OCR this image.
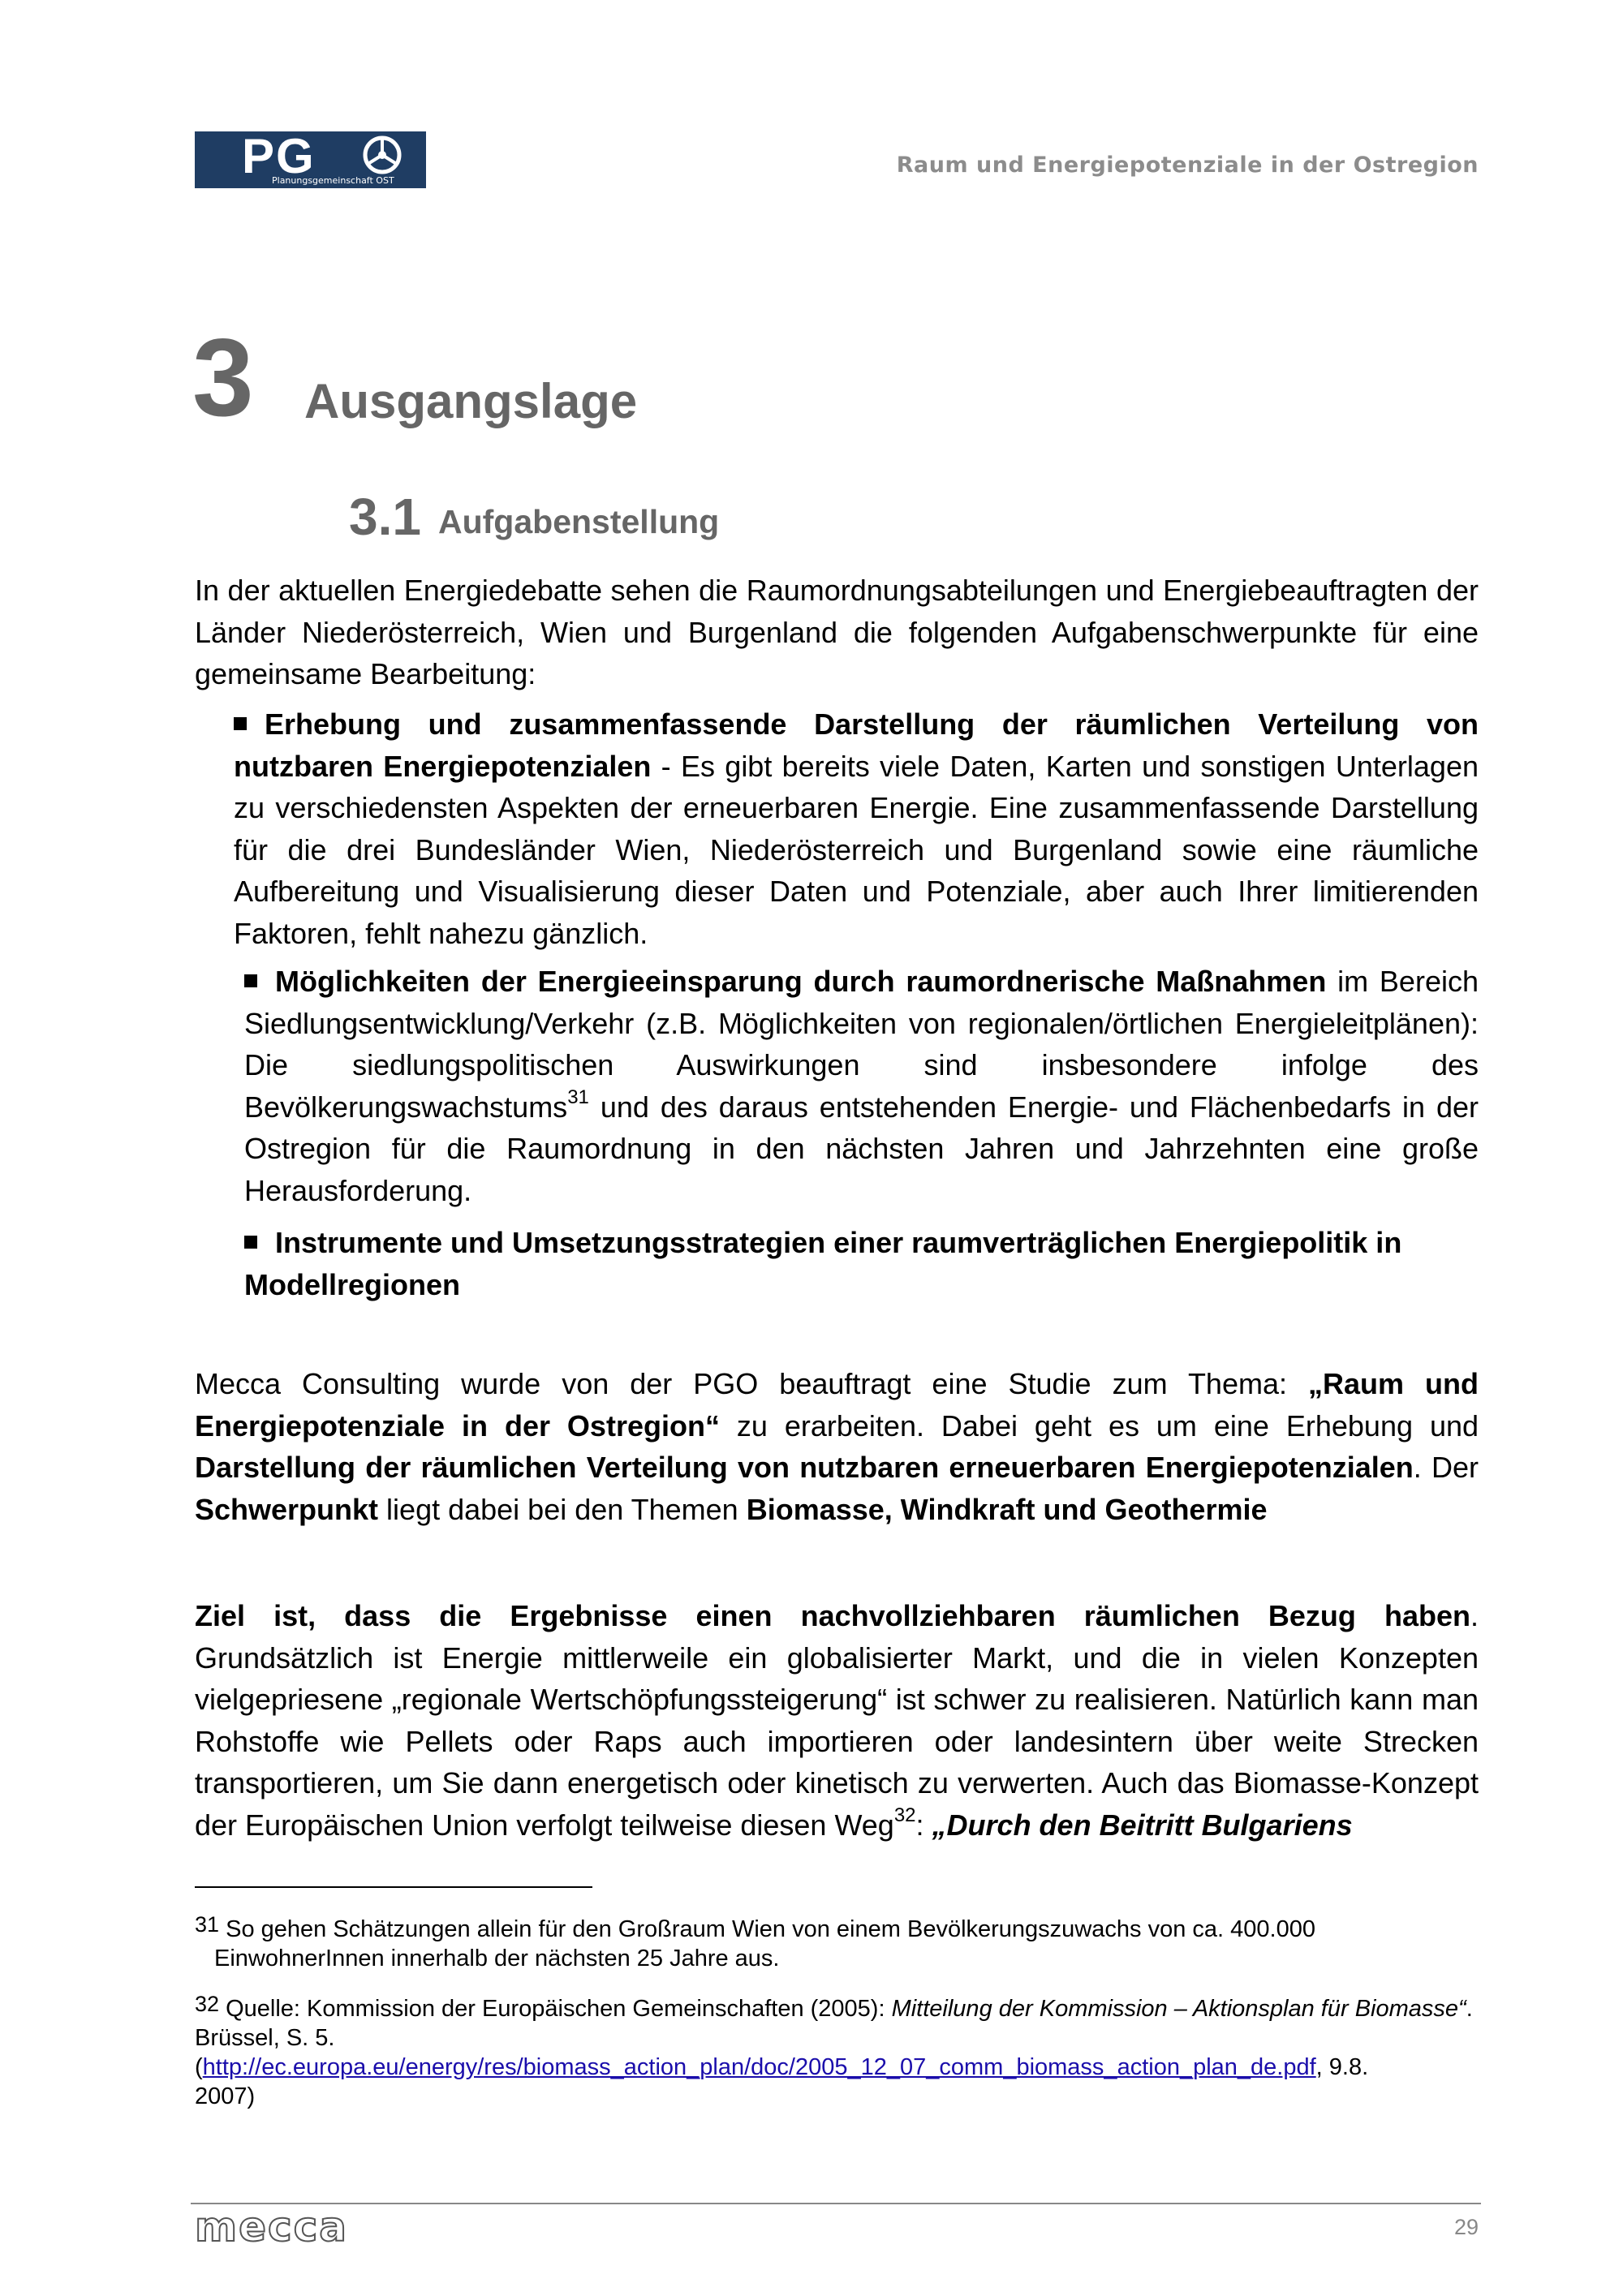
PG
Planungsgemeinschaft OST
Raum und Energiepotenziale in der Ostregion
3 Ausgangslage
3.1 Aufgabenstellung
In der aktuellen Energiedebatte sehen die Raumordnungsabteilungen und Energiebeauftragten der Länder Niederösterreich, Wien und Burgenland die folgenden Aufgabenschwerpunkte für eine gemeinsame Bearbeitung:
Erhebung und zusammenfassende Darstellung der räumlichen Verteilung von nutzbaren Energiepotenzialen - Es gibt bereits viele Daten, Karten und sonstigen Unterlagen zu verschiedensten Aspekten der erneuerbaren Energie. Eine zusammenfassende Darstellung für die drei Bundesländer Wien, Niederösterreich und Burgenland sowie eine räumliche Aufbereitung und Visualisierung dieser Daten und Potenziale, aber auch Ihrer limitierenden Faktoren, fehlt nahezu gänzlich.
Möglichkeiten der Energieeinsparung durch raumordnerische Maßnahmen im Bereich Siedlungsentwicklung/Verkehr (z.B. Möglichkeiten von regionalen/örtlichen Energieleitplänen): Die siedlungspolitischen Auswirkungen sind insbesondere infolge des Bevölkerungswachstums$^{31}$ und des daraus entstehenden Energie- und Flächenbedarfs in der Ostregion für die Raumordnung in den nächsten Jahren und Jahrzehnten eine große Herausforderung.
Instrumente und Umsetzungsstrategien einer raumverträglichen Energiepolitik in Modellregionen
Mecca Consulting wurde von der PGO beauftragt eine Studie zum Thema: „Raum und Energiepotenziale in der Ostregion“ zu erarbeiten. Dabei geht es um eine Erhebung und Darstellung der räumlichen Verteilung von nutzbaren erneuerbaren Energiepotenzialen. Der Schwerpunkt liegt dabei bei den Themen Biomasse, Windkraft und Geothermie
Ziel ist, dass die Ergebnisse einen nachvollziehbaren räumlichen Bezug haben. Grundsätzlich ist Energie mittlerweile ein globalisierter Markt, und die in vielen Konzepten vielgepriesene „regionale Wertschöpfungssteigerung“ ist schwer zu realisieren. Natürlich kann man Rohstoffe wie Pellets oder Raps auch importieren oder landesintern über weite Strecken transportieren, um Sie dann energetisch oder kinetisch zu verwerten. Auch das Biomasse-Konzept der Europäischen Union verfolgt teilweise diesen Weg$^{32}$: „Durch den Beitritt Bulgariens
31 So gehen Schätzungen allein für den Großraum Wien von einem Bevölkerungszuwachs von ca. 400.000
EinwohnerInnen innerhalb der nächsten 25 Jahre aus.
32 Quelle: Kommission der Europäischen Gemeinschaften (2005): Mitteilung der Kommission – Aktionsplan für Biomasse“. Brüssel, S. 5.
(http://ec.europa.eu/energy/res/biomass_action_plan/doc/2005_12_07_comm_biomass_action_plan_de.pdf, 9.8.
2007)
mecca	29
